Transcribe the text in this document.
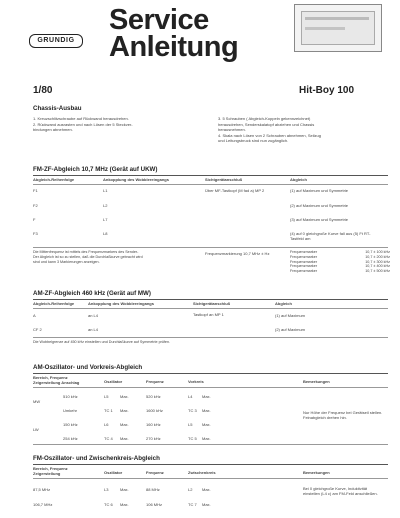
GRUNDIG
Service
Anleitung
1/80	Hit-Boy 100
Chassis-Ausbau
1. Kreuzschlitzschraube auf Rückwand herausdrehen.
2. Rückwand ausrasten und nach Lösen der 5 Steckver-
bindungen abnehmen.
3. 5 Schrauben ( Abgleich-Koppeln gekennzeichnet)
herausdrehen, Senderskalatopf abziehen und Chassis
herausnehmen.
4. Skala nach Lösen von 2 Schrauben abnehmen, Seilzug
und Leitungsbruck sind nun zugänglich.
FM-ZF-Abgleich 10,7 MHz (Gerät auf UKW)
Abgleich-Reihenfolge	Ankopplung des Wobblereingangs	Sichtgerätanschluß	Abgleich
F1	L1	Über MF-Tastkopf (M fad a) MP 2	(1) auf Maximum und Symmetrie
F2	L2	(2) auf Maximum und Symmetrie
F	L7	(3) auf Maximum und Symmetrie
F3	L8	(4) auf 0 gleichgroße Kurve fall aus (5) Ft RT-Tastfeld am
Die Mittenfrequenz ist mittels des Frequenzmarkers des Sender-
Der Abgleich ist so zu stellen, daß die Durchlaßkurve gebracht wird
sind und kann 3 Markierungen anzeigen.
Frequenzmarkierung 10,7 MHz ± Hz	Frequenzmarker	10,7 ± 100 kHz
Frequenzmarker	10,7 ± 200 kHz
Frequenzmarker	10,7 ± 300 kHz
Frequenzmarker	10,7 ± 400 kHz
Frequenzmarker	10,7 ± 500 kHz
AM-ZF-Abgleich 460 kHz (Gerät auf MW)
Abgleich-Reihenfolge	Ankopplung des Wobblereingangs	Sichtgerätanschluß	Abgleich
A	an L4	Tastkopf an MP 1	(1) auf Maximum
CF 2	an L4	(2) auf Maximum
Die Wobbelgrenze auf 450 kHz einstellen und Durchlaßkurve auf Symmetrie prüfen.
AM-Oszillator- und Vorkreis-Abgleich
Bereich, Frequenz Zeigerstellung Anschlag	Oszillator	Frequenz	Vorkreis	Bemerkungen
MW
510 kHz	L5	Max.	520 kHz	L4 Max.
Umkehr	TC 1 Max.	1600 kHz	TC 3 Max.
LW
150 kHz	L6	Max.	160 kHz	L5 Max.
254 kHz	TC 4 Max.	270 kHz	TC 5 Max.
Nur Höhe der Frequenz bei Gerätseil stellen. Feinabgleich drehen hin.
FM-Oszillator- und Zwischenkreis-Abgleich
Bereich, Frequenz Zeigerstellung	Oszillator	Frequenz	Zwischenkreis	Bemerkungen
87,5 MHz	L3	Max.	88 MHz	L2 Max.
106,7 MHz	TC 6 Max.	106 MHz	TC 7 Max.
Bei 0 gleichgroße Kurve, Induktivität einstellen (L4 c) am FM-Feld anschließen.
